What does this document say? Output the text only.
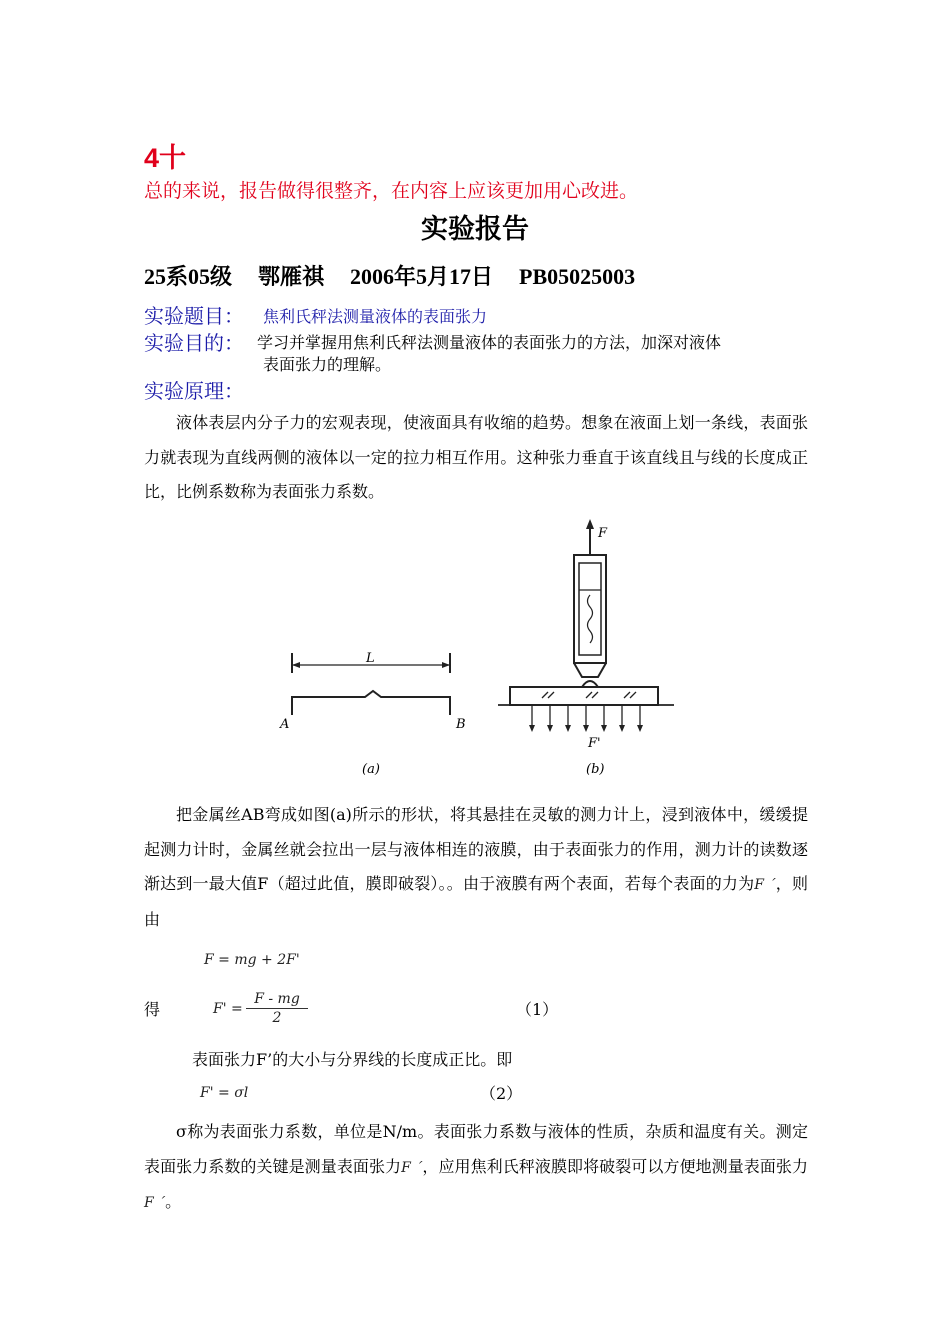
4十
总的来说，报告做得很整齐，在内容上应该更加用心改进。
实验报告
25系05级 鄂雁祺 2006年5月17日 PB05025003
实验题目： 焦利氏秤法测量液体的表面张力
实验目的： 学习并掌握用焦利氏秤法测量液体的表面张力的方法，加深对液体
表面张力的理解。
实验原理：
液体表层内分子力的宏观表现，使液面具有收缩的趋势。想象在液面上划一条线，表面张力就表现为直线两侧的液体以一定的拉力相互作用。这种张力垂直于该直线且与线的长度成正比，比例系数称为表面张力系数。
L
A	B
(a)
F
F'
(b)
把金属丝AB弯成如图(a)所示的形状，将其悬挂在灵敏的测力计上，浸到液体中，缓缓提起测力计时，金属丝就会拉出一层与液体相连的液膜，由于表面张力的作用，测力计的读数逐渐达到一最大值F（超过此值，膜即破裂）。。由于液膜有两个表面，若每个表面的力为F ´，则由
F = mg + 2F'
得	$F' = \frac{F - mg}{2}$	（1）
表面张力F’的大小与分界线的长度成正比。即
F' = σl	（2）
σ称为表面张力系数，单位是N/m。表面张力系数与液体的性质，杂质和温度有关。测定表面张力系数的关键是测量表面张力F ´，应用焦利氏秤液膜即将破裂可以方便地测量表面张力F ´。
